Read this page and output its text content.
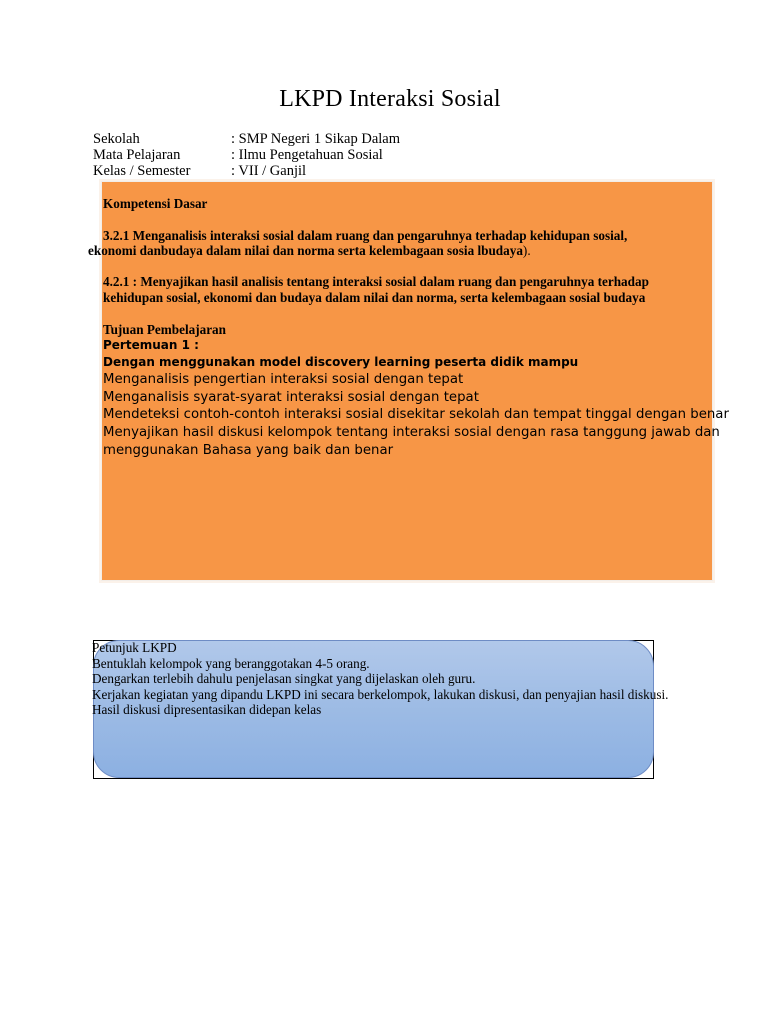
LKPD Interaksi Sosial
Sekolah	: SMP Negeri 1 Sikap Dalam
Mata Pelajaran	: Ilmu Pengetahuan Sosial
Kelas / Semester	: VII / Ganjil
Kompetensi Dasar
3.2.1 Menganalisis interaksi sosial dalam ruang dan pengaruhnya terhadap kehidupan sosial,
ekonomi danbudaya dalam nilai dan norma serta kelembagaan sosia lbudaya).
4.2.1 : Menyajikan hasil analisis tentang interaksi sosial dalam ruang dan pengaruhnya terhadap
kehidupan sosial, ekonomi dan budaya dalam nilai dan norma, serta kelembagaan sosial budaya
Tujuan Pembelajaran
Pertemuan 1 :
Dengan menggunakan model discovery learning peserta didik mampu
Menganalisis pengertian interaksi sosial dengan tepat
Menganalisis syarat-syarat interaksi sosial dengan tepat
Mendeteksi contoh-contoh interaksi sosial disekitar sekolah dan tempat tinggal dengan benar
Menyajikan hasil diskusi kelompok tentang interaksi sosial dengan rasa tanggung jawab dan
menggunakan Bahasa yang baik dan benar
Petunjuk LKPD
Bentuklah kelompok yang beranggotakan 4-5 orang.
Dengarkan terlebih dahulu penjelasan singkat yang dijelaskan oleh guru.
Kerjakan kegiatan yang dipandu LKPD ini secara berkelompok, lakukan diskusi, dan penyajian hasil diskusi.
Hasil diskusi dipresentasikan didepan kelas
